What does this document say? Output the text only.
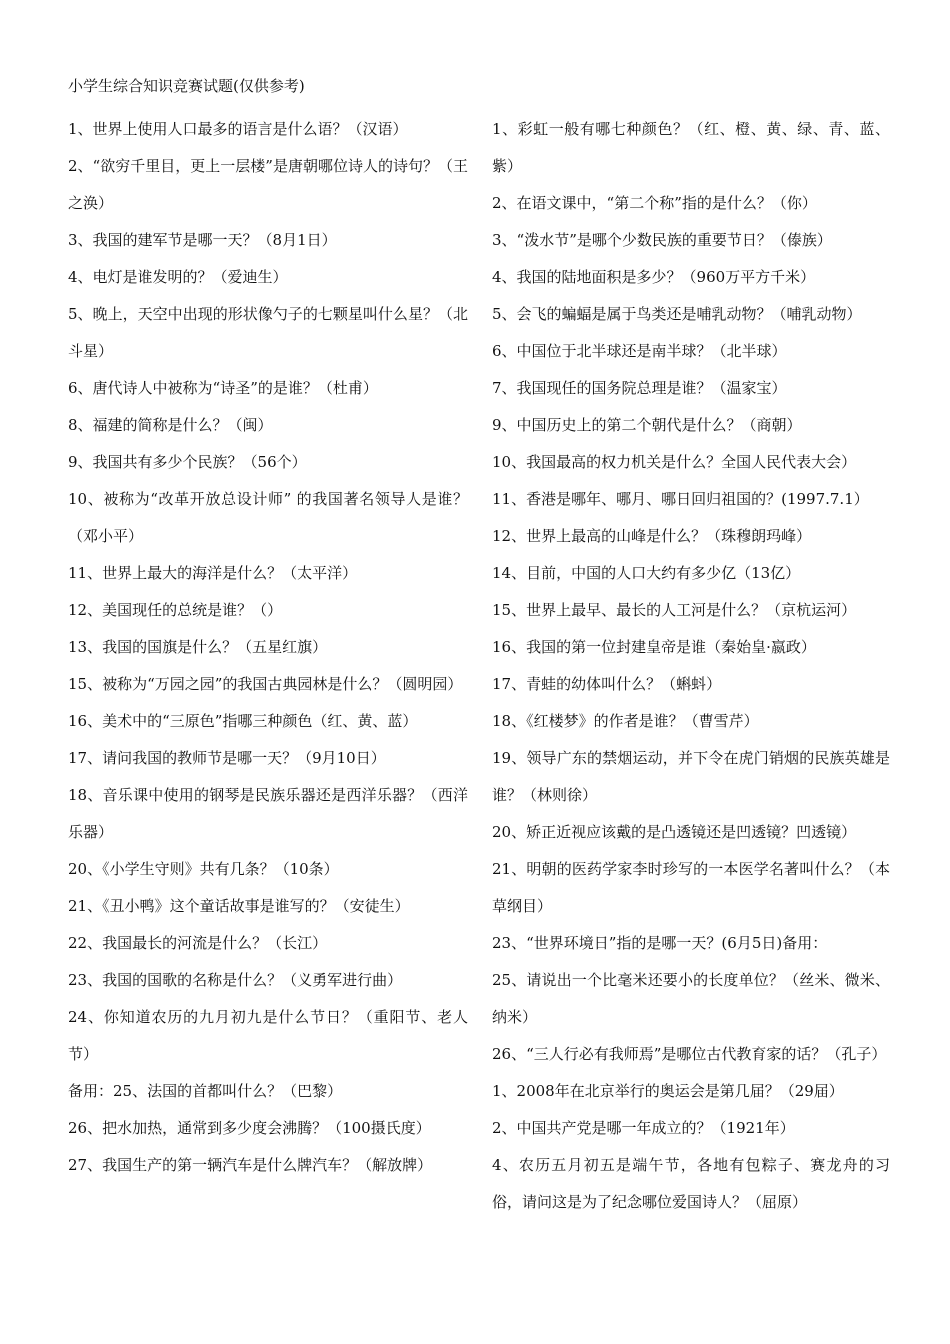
小学生综合知识竞赛试题(仅供参考)

1、世界上使用人口最多的语言是什么语？（汉语）

2、“欲穷千里目，更上一层楼”是唐朝哪位诗人的诗句？（王之涣）

3、我国的建军节是哪一天？（8月1日）

4、电灯是谁发明的？（爱迪生）

5、晚上，天空中出现的形状像勺子的七颗星叫什么星？（北斗星）

6、唐代诗人中被称为“诗圣”的是谁？（杜甫）

8、福建的简称是什么？（闽）

9、我国共有多少个民族？（56个）

10、被称为“改革开放总设计师” 的我国著名领导人是谁？（邓小平）

11、世界上最大的海洋是什么？（太平洋）

12、美国现任的总统是谁？（）

13、我国的国旗是什么？（五星红旗）

15、被称为“万园之园”的我国古典园林是什么？（圆明园）

16、美术中的“三原色”指哪三种颜色（红、黄、蓝）

17、请问我国的教师节是哪一天？（9月10日）

18、音乐课中使用的钢琴是民族乐器还是西洋乐器？（西洋乐器）

20、《小学生守则》共有几条？（10条）

21、《丑小鸭》这个童话故事是谁写的？（安徒生）

22、我国最长的河流是什么？（长江）

23、我国的国歌的名称是什么？（义勇军进行曲）

24、你知道农历的九月初九是什么节日？（重阳节、老人节）

备用：25、法国的首都叫什么？（巴黎）

26、把水加热，通常到多少度会沸腾？（100摄氏度）

27、我国生产的第一辆汽车是什么牌汽车？（解放牌）

1、彩虹一般有哪七种颜色？（红、橙、黄、绿、青、蓝、紫）

2、在语文课中，“第二个称”指的是什么？（你）

3、“泼水节”是哪个少数民族的重要节日？（傣族）

4、我国的陆地面积是多少？（960万平方千米）

5、会飞的蝙蝠是属于鸟类还是哺乳动物？（哺乳动物）

6、中国位于北半球还是南半球？（北半球）

7、我国现任的国务院总理是谁？（温家宝）

9、中国历史上的第二个朝代是什么？（商朝）

10、我国最高的权力机关是什么？全国人民代表大会）

11、香港是哪年、哪月、哪日回归祖国的？(1997.7.1）

12、世界上最高的山峰是什么？（珠穆朗玛峰）

14、目前，中国的人口大约有多少亿（13亿）

15、世界上最早、最长的人工河是什么？（京杭运河）

16、我国的第一位封建皇帝是谁（秦始皇·嬴政）

17、青蛙的幼体叫什么？（蝌蚪）

18、《红楼梦》的作者是谁？（曹雪芹）

19、领导广东的禁烟运动，并下令在虎门销烟的民族英雄是谁？（林则徐）

20、矫正近视应该戴的是凸透镜还是凹透镜？凹透镜）

21、明朝的医药学家李时珍写的一本医学名著叫什么？（本草纲目）

23、“世界环境日”指的是哪一天？(6月5日)备用：

25、请说出一个比毫米还要小的长度单位？（丝米、微米、纳米）

26、“三人行必有我师焉”是哪位古代教育家的话？（孔子）

1、2008年在北京举行的奥运会是第几届？（29届）

2、中国共产党是哪一年成立的？（1921年）

4、农历五月初五是端午节，各地有包粽子、赛龙舟的习俗，请问这是为了纪念哪位爱国诗人？（屈原）
